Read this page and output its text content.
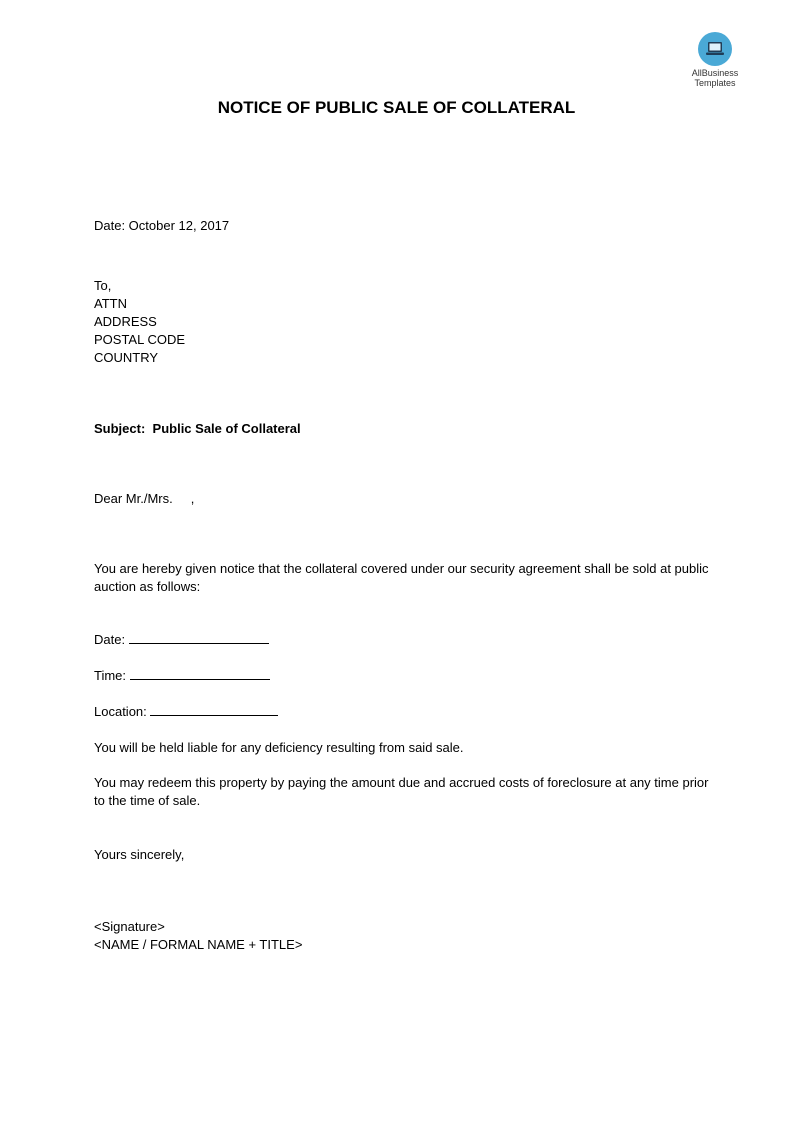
AllBusiness
Templates
NOTICE OF PUBLIC SALE OF COLLATERAL
Date: October 12, 2017
To,
ATTN
ADDRESS
POSTAL CODE
COUNTRY
Subject: Public Sale of Collateral
Dear Mr./Mrs.     ,
You are hereby given notice that the collateral covered under our security agreement shall be sold at public auction as follows:
Date:
Time:
Location:
You will be held liable for any deficiency resulting from said sale.
You may redeem this property by paying the amount due and accrued costs of foreclosure at any time prior to the time of sale.
Yours sincerely,
<Signature>
<NAME / FORMAL NAME + TITLE>
